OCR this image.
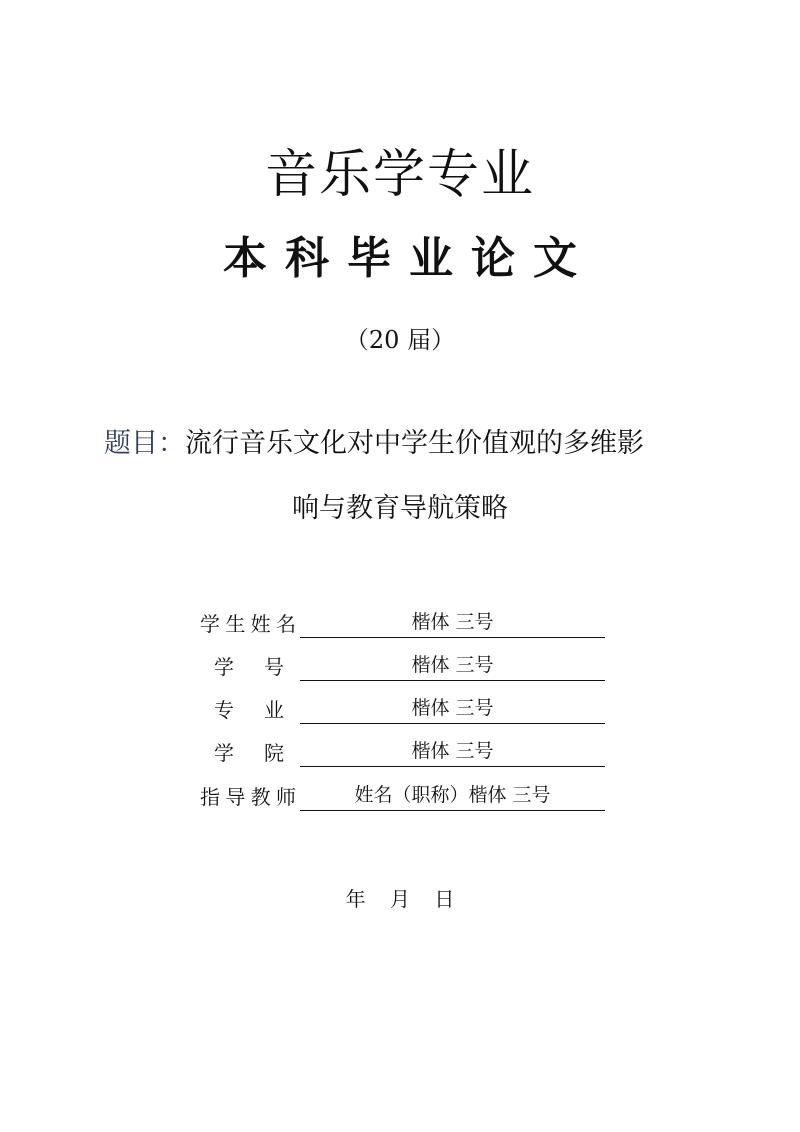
音乐学专业
本科毕业论文
（20 届）
题目：流行音乐文化对中学生价值观的多维影
响与教育导航策略
学生姓名	楷体 三号
学 号	楷体 三号
专 业	楷体 三号
学 院	楷体 三号
指导教师	姓名（职称）楷体 三号
年 月 日
